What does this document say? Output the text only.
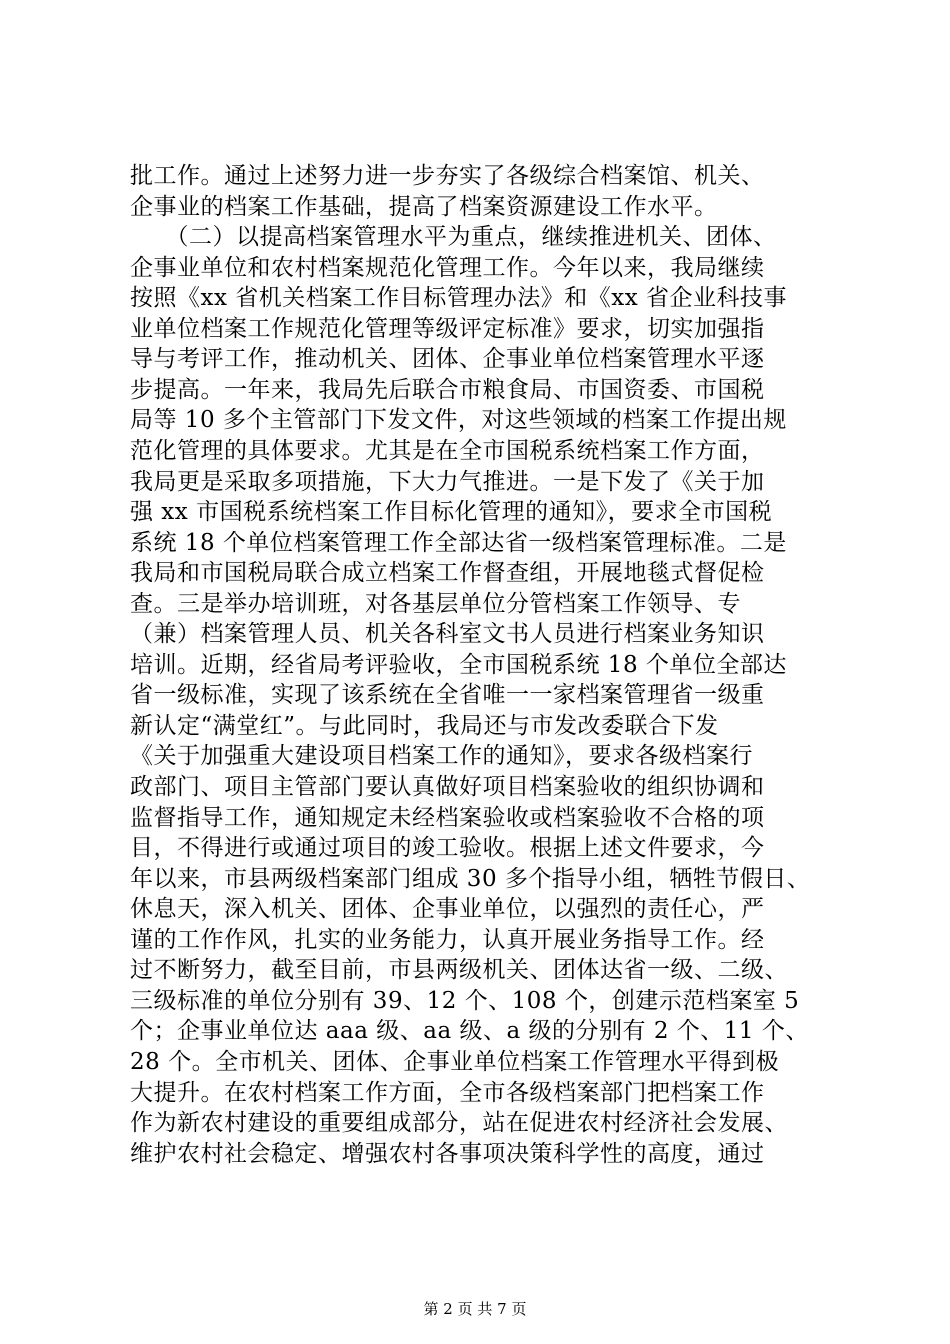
批工作。通过上述努力进一步夯实了各级综合档案馆、机关、
企事业的档案工作基础，提高了档案资源建设工作水平。
　　（二）以提高档案管理水平为重点，继续推进机关、团体、
企事业单位和农村档案规范化管理工作。今年以来，我局继续
按照《xx 省机关档案工作目标管理办法》和《xx 省企业科技事
业单位档案工作规范化管理等级评定标准》要求，切实加强指
导与考评工作，推动机关、团体、企事业单位档案管理水平逐
步提高。一年来，我局先后联合市粮食局、市国资委、市国税
局等 10 多个主管部门下发文件，对这些领域的档案工作提出规
范化管理的具体要求。尤其是在全市国税系统档案工作方面，
我局更是采取多项措施，下大力气推进。一是下发了《关于加
强 xx 市国税系统档案工作目标化管理的通知》，要求全市国税
系统 18 个单位档案管理工作全部达省一级档案管理标准。二是
我局和市国税局联合成立档案工作督查组，开展地毯式督促检
查。三是举办培训班，对各基层单位分管档案工作领导、专
（兼）档案管理人员、机关各科室文书人员进行档案业务知识
培训。近期，经省局考评验收，全市国税系统 18 个单位全部达
省一级标准，实现了该系统在全省唯一一家档案管理省一级重
新认定“满堂红”。与此同时，我局还与市发改委联合下发
《关于加强重大建设项目档案工作的通知》，要求各级档案行
政部门、项目主管部门要认真做好项目档案验收的组织协调和
监督指导工作，通知规定未经档案验收或档案验收不合格的项
目，不得进行或通过项目的竣工验收。根据上述文件要求，今
年以来，市县两级档案部门组成 30 多个指导小组，牺牲节假日、
休息天，深入机关、团体、企事业单位，以强烈的责任心，严
谨的工作作风，扎实的业务能力，认真开展业务指导工作。经
过不断努力，截至目前，市县两级机关、团体达省一级、二级、
三级标准的单位分别有 39、12 个、108 个，创建示范档案室 5
个；企事业单位达 aaa 级、aa 级、a 级的分别有 2 个、11 个、
28 个。全市机关、团体、企事业单位档案工作管理水平得到极
大提升。在农村档案工作方面，全市各级档案部门把档案工作
作为新农村建设的重要组成部分，站在促进农村经济社会发展、
维护农村社会稳定、增强农村各事项决策科学性的高度，通过
第 2 页 共 7 页
